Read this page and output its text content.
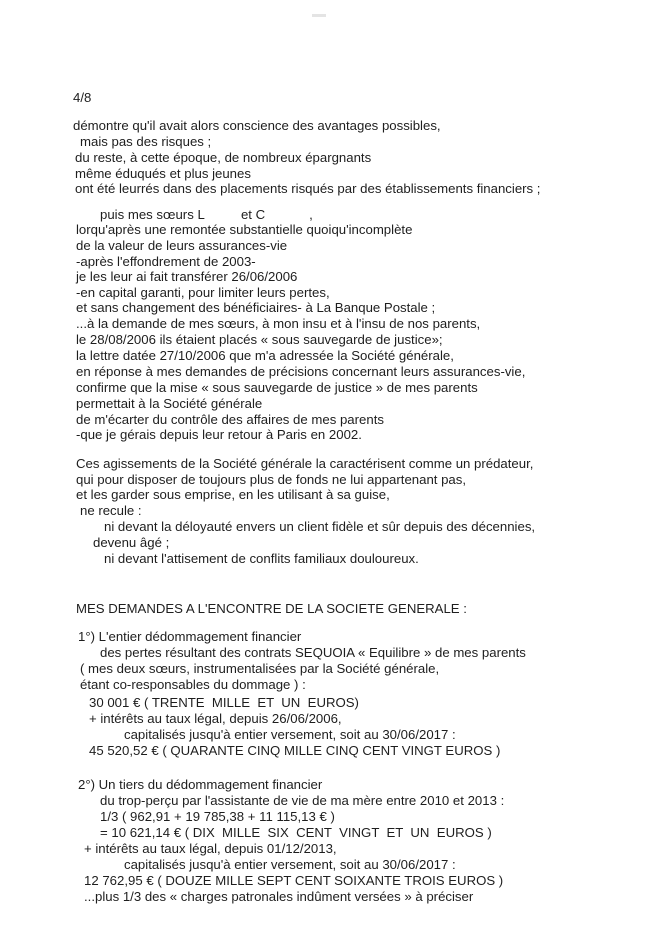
4/8
démontre qu'il avait alors conscience des avantages possibles,
mais pas des risques ;
du reste, à cette époque, de nombreux épargnants
même éduqués et plus jeunes
ont été leurrés dans des placements risqués par des établissements financiers ;
puis mes sœurs L          et C            ,
lorqu'après une remontée substantielle quoiqu'incomplète
de la valeur de leurs assurances-vie
-après l'effondrement de 2003-
je les leur ai fait transférer 26/06/2006
-en capital garanti, pour limiter leurs pertes,
et sans changement des bénéficiaires- à La Banque Postale ;
...à la demande de mes sœurs, à mon insu et à l'insu de nos parents,
le 28/08/2006 ils étaient placés « sous sauvegarde de justice»;
la lettre datée 27/10/2006 que m'a adressée la Société générale,
en réponse à mes demandes de précisions concernant leurs assurances-vie,
confirme que la mise « sous sauvegarde de justice » de mes parents
permettait à la Société générale
de m'écarter du contrôle des affaires de mes parents
-que je gérais depuis leur retour à Paris en 2002.
Ces agissements de la Société générale la caractérisent comme un prédateur,
qui pour disposer de toujours plus de fonds ne lui appartenant pas,
et les garder sous emprise, en les utilisant à sa guise,
ne recule :
ni devant la déloyauté envers un client fidèle et sûr depuis des décennies,
devenu âgé ;
ni devant l'attisement de conflits familiaux douloureux.
MES DEMANDES A L'ENCONTRE DE LA SOCIETE GENERALE :
1°) L'entier dédommagement financier
des pertes résultant des contrats SEQUOIA « Equilibre » de mes parents
( mes deux sœurs, instrumentalisées par la Société générale,
étant co-responsables du dommage ) :
30 001 € ( TRENTE  MILLE  ET  UN  EUROS)
+ intérêts au taux légal, depuis 26/06/2006,
capitalisés jusqu'à entier versement, soit au 30/06/2017 :
45 520,52 € ( QUARANTE CINQ MILLE CINQ CENT VINGT EUROS )
2°) Un tiers du dédommagement financier
du trop-perçu par l'assistante de vie de ma mère entre 2010 et 2013 :
1/3 ( 962,91 + 19 785,38 + 11 115,13 € )
= 10 621,14 € ( DIX  MILLE  SIX  CENT  VINGT  ET  UN  EUROS )
+ intérêts au taux légal, depuis 01/12/2013,
capitalisés jusqu'à entier versement, soit au 30/06/2017 :
12 762,95 € ( DOUZE MILLE SEPT CENT SOIXANTE TROIS EUROS )
...plus 1/3 des « charges patronales indûment versées » à préciser
